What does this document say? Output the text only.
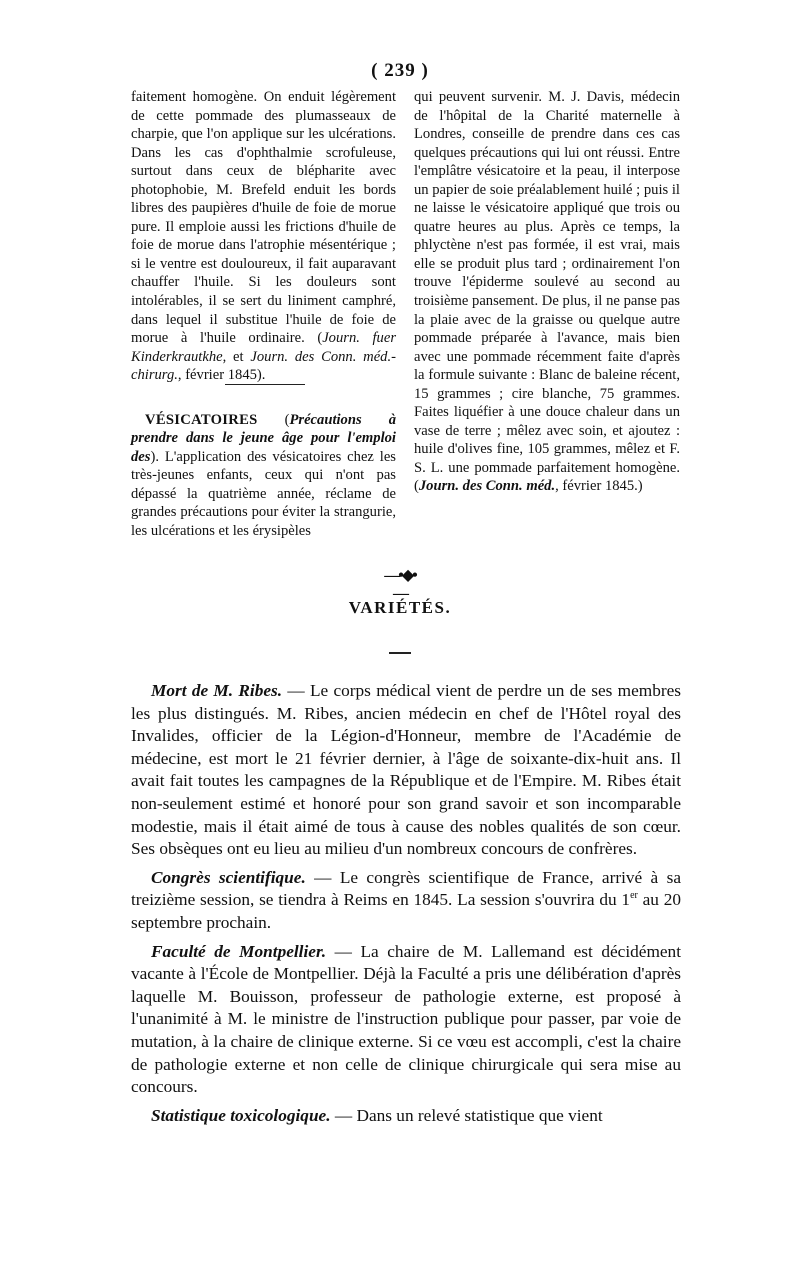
( 239 )

faitement homogène. On enduit légèrement de cette pommade des plumasseaux de charpie, que l'on applique sur les ulcérations. Dans les cas d'ophthalmie scrofuleuse, surtout dans ceux de blépharite avec photophobie, M. Brefeld enduit les bords libres des paupières d'huile de foie de morue pure. Il emploie aussi les frictions d'huile de foie de morue dans l'atrophie mésentérique ; si le ventre est douloureux, il fait auparavant chauffer l'huile. Si les douleurs sont intolérables, il se sert du liniment camphré, dans lequel il substitue l'huile de foie de morue à l'huile ordinaire. (Journ. fuer Kinderkrautkhe, et Journ. des Conn. méd.-chirurg., février 1845).

VÉSICATOIRES (Précautions à prendre dans le jeune âge pour l'emploi des). L'application des vésicatoires chez les très-jeunes enfants, ceux qui n'ont pas dépassé la quatrième année, réclame de grandes précautions pour éviter la strangurie, les ulcérations et les érysipèles

qui peuvent survenir. M. J. Davis, médecin de l'hôpital de la Charité maternelle à Londres, conseille de prendre dans ces cas quelques précautions qui lui ont réussi. Entre l'emplâtre vésicatoire et la peau, il interpose un papier de soie préalablement huilé ; puis il ne laisse le vésicatoire appliqué que trois ou quatre heures au plus. Après ce temps, la phlyctène n'est pas formée, il est vrai, mais elle se produit plus tard ; ordinairement l'on trouve l'épiderme soulevé au second au troisième pansement. De plus, il ne panse pas la plaie avec de la graisse ou quelque autre pommade préparée à l'avance, mais bien avec une pommade récemment faite d'après la formule suivante : Blanc de baleine récent, 15 grammes ; cire blanche, 75 grammes. Faites liquéfier à une douce chaleur dans un vase de terre ; mêlez avec soin, et ajoutez : huile d'olives fine, 105 grammes, mêlez et F. S. L. une pommade parfaitement homogène. (Journ. des Conn. méd., février 1845.)

—•◆•—
VARIÉTÉS.

Mort de M. Ribes. — Le corps médical vient de perdre un de ses membres les plus distingués. M. Ribes, ancien médecin en chef de l'Hôtel royal des Invalides, officier de la Légion-d'Honneur, membre de l'Académie de médecine, est mort le 21 février dernier, à l'âge de soixante-dix-huit ans. Il avait fait toutes les campagnes de la République et de l'Empire. M. Ribes était non-seulement estimé et honoré pour son grand savoir et son incomparable modestie, mais il était aimé de tous à cause des nobles qualités de son cœur. Ses obsèques ont eu lieu au milieu d'un nombreux concours de confrères.

Congrès scientifique. — Le congrès scientifique de France, arrivé à sa treizième session, se tiendra à Reims en 1845. La session s'ouvrira du 1er au 20 septembre prochain.

Faculté de Montpellier. — La chaire de M. Lallemand est décidément vacante à l'École de Montpellier. Déjà la Faculté a pris une délibération d'après laquelle M. Bouisson, professeur de pathologie externe, est proposé à l'unanimité à M. le ministre de l'instruction publique pour passer, par voie de mutation, à la chaire de clinique externe. Si ce vœu est accompli, c'est la chaire de pathologie externe et non celle de clinique chirurgicale qui sera mise au concours.

Statistique toxicologique. — Dans un relevé statistique que vient
